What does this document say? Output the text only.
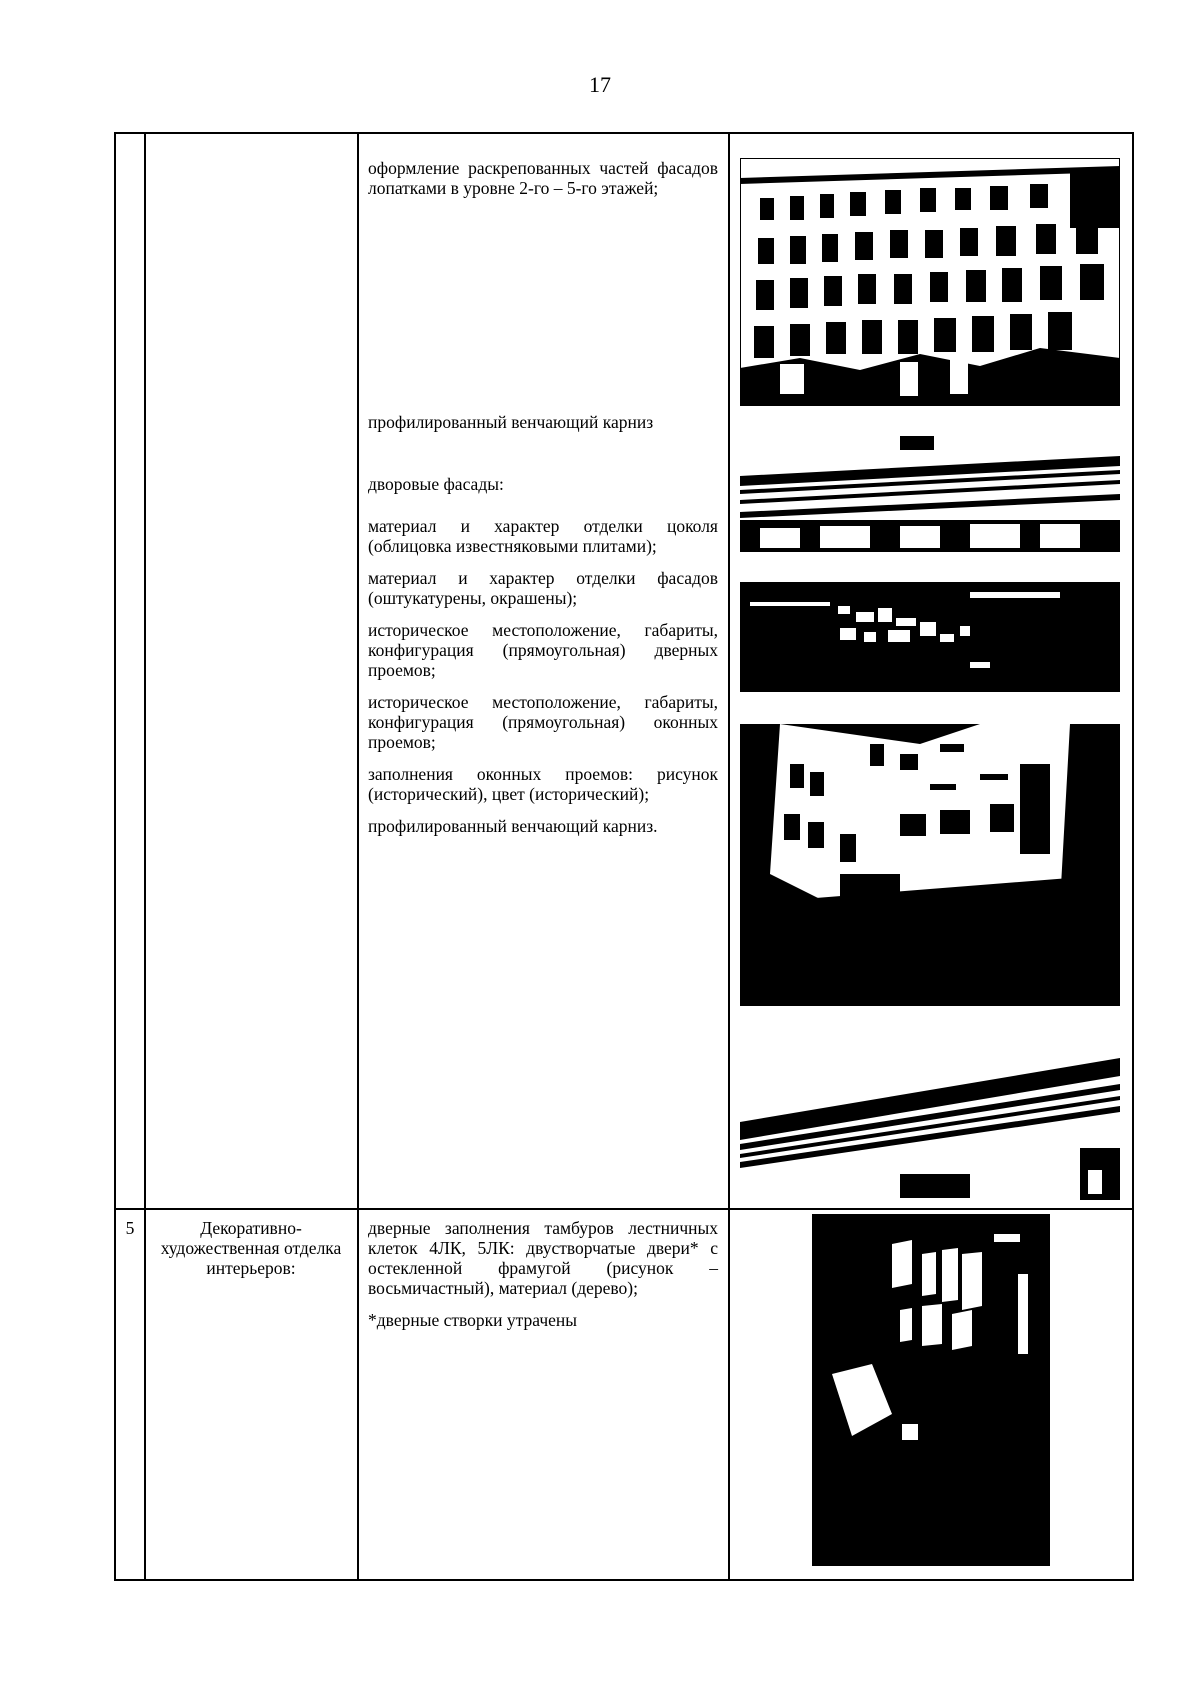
17

оформление раскрепованных частей фасадов лопатками в уровне 2-го – 5-го этажей;

профилированный венчающий карниз

дворовые фасады:

материал и характер отделки цоколя (облицовка известняковыми плитами);

материал и характер отделки фасадов (оштукатурены, окрашены);

историческое местоположение, габариты, конфигурация (прямоугольная) дверных проемов;

историческое местоположение, габариты, конфигурация (прямоугольная) оконных проемов;

заполнения оконных проемов: рисунок (исторический), цвет (исторический);

профилированный венчающий карниз.

5	Декоративно-художественная отделка интерьеров:

дверные заполнения тамбуров лестничных клеток 4ЛК, 5ЛК: двустворчатые двери* с остекленной фрамугой (рисунок – восьмичастный), материал (дерево);

*дверные створки утрачены
